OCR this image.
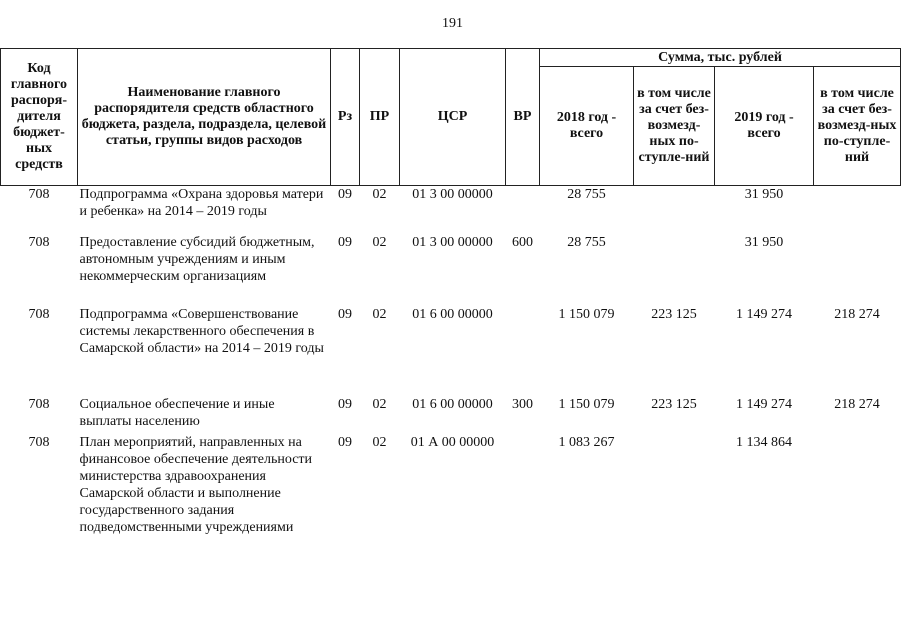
191
Код главного распоря-дителя бюджет-ных средств	Наименование главного распорядителя средств областного бюджета, раздела, подраздела, целевой статьи, группы видов расходов	Рз	ПР	ЦСР	ВР	Сумма, тыс. рублей			
						2018 год - всего	в том числе за счет без-возмезд-ных по-ступле-ний	2019 год - всего	в том числе за счет без-возмезд-ных по-ступле-ний
708	Подпрограмма «Охрана здоровья матери и ребенка» на 2014 – 2019 годы	09	02	01 3 00 00000		28 755		31 950	
708	Предоставление субсидий бюджетным, автономным учреждениям и иным некоммерческим организациям	09	02	01 3 00 00000	600	28 755		31 950	
708	Подпрограмма «Совершенствование системы лекарственного обеспечения в Самарской области» на 2014 – 2019 годы	09	02	01 6 00 00000		1 150 079	223 125	1 149 274	218 274
708	Социальное обеспечение и иные выплаты населению	09	02	01 6 00 00000	300	1 150 079	223 125	1 149 274	218 274
708	План мероприятий, направленных на финансовое обеспечение деятельности министерства здравоохранения Самарской области и выполнение государственного задания подведомственными учреждениями	09	02	01 А 00 00000		1 083 267		1 134 864	
